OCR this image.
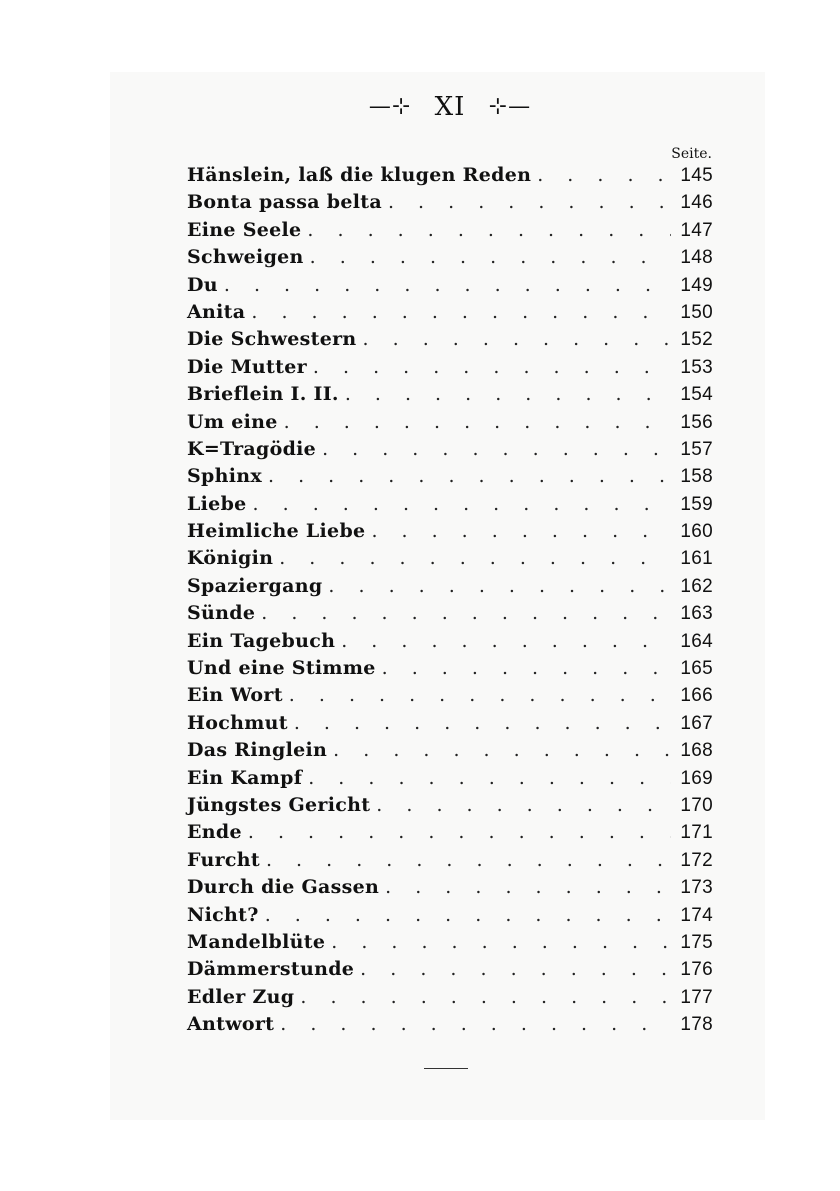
—⊹ XI ⊹—
Seite.
Hänslein, laß die klugen Reden . . .	145
Bonta passa belta . . .	146
Eine Seele . . .	147
Schweigen . . .	148
Du . . .	149
Anita . . .	150
Die Schwestern . . .	152
Die Mutter . . .	153
Brieflein I. II. . . .	154
Um eine . . .	156
K=Tragödie . . .	157
Sphinx . . .	158
Liebe . . .	159
Heimliche Liebe . . .	160
Königin . . .	161
Spaziergang . . .	162
Sünde . . .	163
Ein Tagebuch . . .	164
Und eine Stimme . . .	165
Ein Wort . . .	166
Hochmut . . .	167
Das Ringlein . . .	168
Ein Kampf . . .	169
Jüngstes Gericht . . .	170
Ende . . .	171
Furcht . . .	172
Durch die Gassen . . .	173
Nicht? . . .	174
Mandelblüte . . .	175
Dämmerstunde . . .	176
Edler Zug . . .	177
Antwort . . .	178
